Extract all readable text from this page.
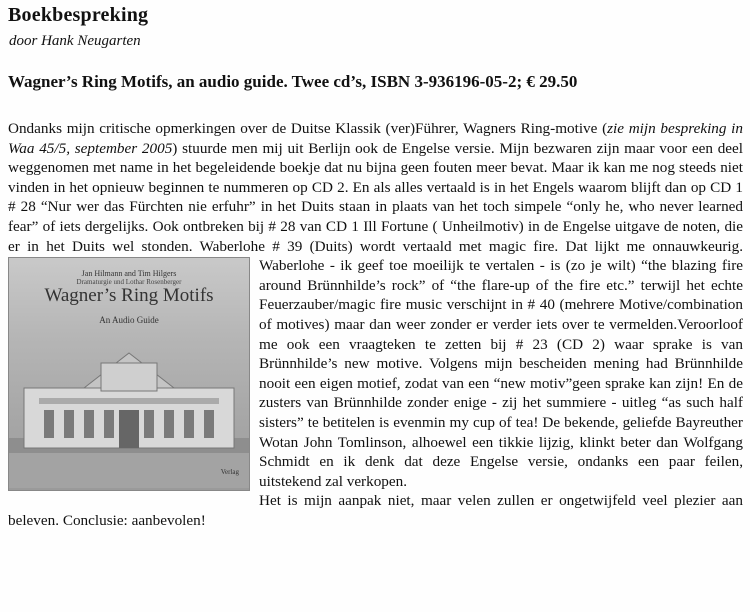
Boekbespreking
door Hank Neugarten
Wagner’s Ring Motifs, an audio guide. Twee cd’s, ISBN 3-936196-05-2; € 29.50

Ondanks mijn critische opmerkingen over de Duitse Klassik (ver)Führer, Wagners Ring-motive (zie mijn bespreking in Waa 45/5, september 2005) stuurde men mij uit Berlijn ook de Engelse versie. Mijn bezwaren zijn maar voor een deel weggenomen met name in het begeleidende boekje dat nu bijna geen fouten meer bevat. Maar ik kan me nog steeds niet vinden in het opnieuw beginnen te nummeren op CD 2. En als alles vertaald is in het Engels waarom blijft dan op CD 1 # 28 “Nur wer das Fürchten nie erfuhr” in het Duits staan in plaats van het toch simpele “only he, who never learned fear” of iets dergelijks. Ook ontbreken bij # 28 van CD 1 Ill Fortune ( Unheilmotiv) in de Engelse uitgave de noten, die er in het Duits wel stonden. Waberlohe # 39 (Duits) wordt vertaald met magic fire.
Jan Hilmann and Tim Hilgers
Dramaturgie und Lothar Rosenberger
Wagner’s Ring Motifs
An Audio Guide
Verlag
Dat lijkt me onnauwkeurig. Waberlohe - ik geef toe moeilijk te vertalen - is (zo je wilt) “the blazing fire around Brünnhilde’s rock” of “the flare-up of the fire etc.” terwijl het echte Feuerzauber/magic fire music verschijnt in # 40 (mehrere Motive/combination of motives) maar dan weer zonder er verder iets over te vermelden.Veroorloof me ook een vraagteken te zetten bij # 23 (CD 2) waar sprake is van Brünnhilde’s new motive. Volgens mijn bescheiden mening had Brünnhilde nooit een eigen motief, zodat van een “new motiv”geen sprake kan zijn! En de zusters van Brünnhilde zonder enige - zij het summiere - uitleg “as such half sisters” te betitelen is evenmin my cup of tea! De bekende, geliefde Bayreuther Wotan John Tomlinson, alhoewel een tikkie lijzig, klinkt beter dan Wolfgang Schmidt en ik denk dat deze Engelse versie, ondanks een paar feilen, uitstekend zal verkopen.

Het is mijn aanpak niet, maar velen zullen er ongetwijfeld veel plezier aan beleven. Conclusie: aanbevolen!
